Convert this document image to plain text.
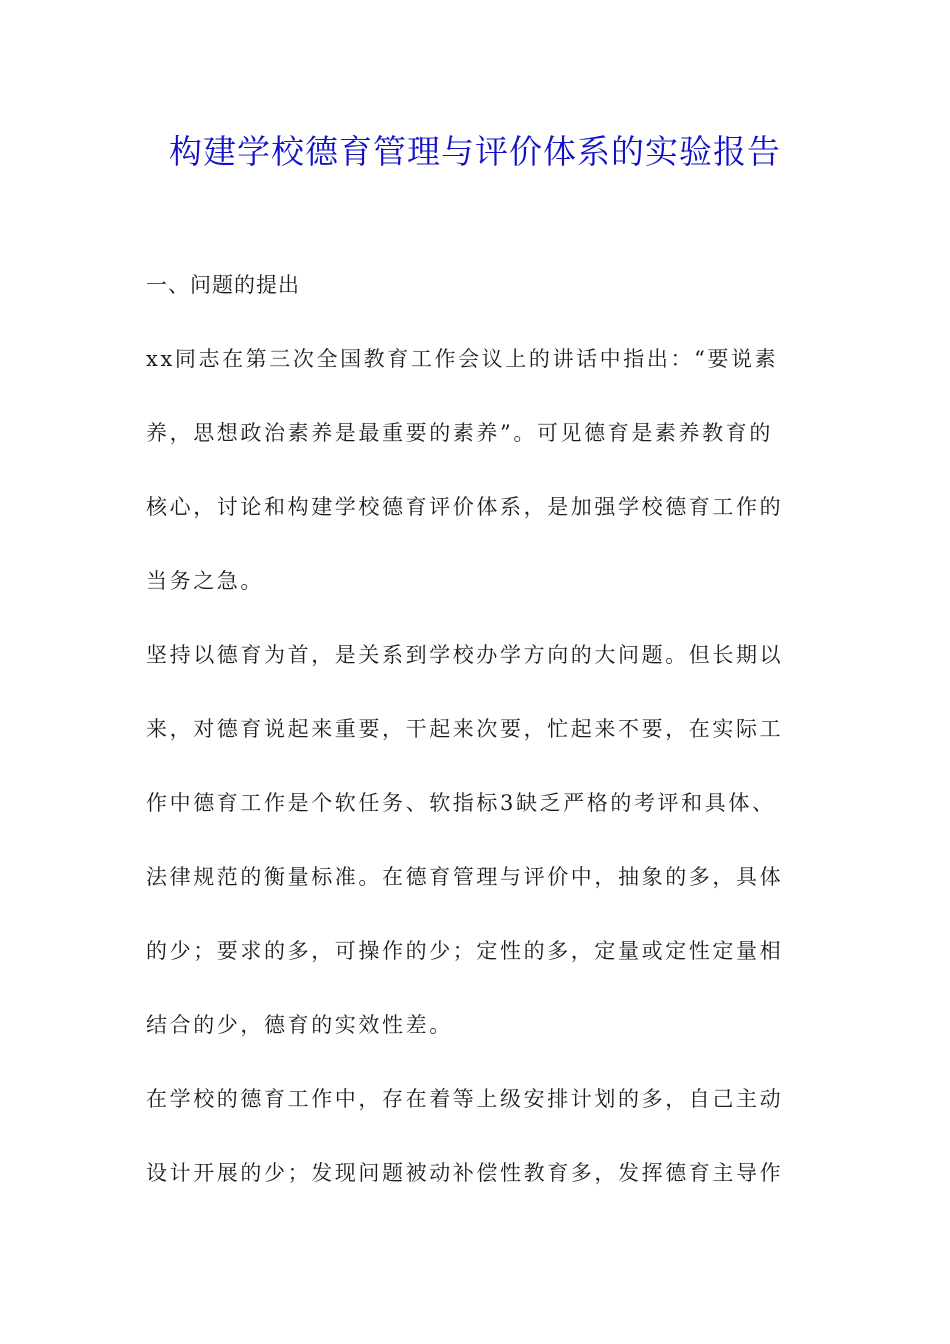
构建学校德育管理与评价体系的实验报告
一、问题的提出
xx同志在第三次全国教育工作会议上的讲话中指出：“要说素
养，思想政治素养是最重要的素养”。可见德育是素养教育的
核心，讨论和构建学校德育评价体系，是加强学校德育工作的
当务之急。
坚持以德育为首，是关系到学校办学方向的大问题。但长期以
来，对德育说起来重要，干起来次要，忙起来不要，在实际工
作中德育工作是个软任务、软指标3缺乏严格的考评和具体、
法律规范的衡量标准。在德育管理与评价中，抽象的多，具体
的少；要求的多，可操作的少；定性的多，定量或定性定量相
结合的少，德育的实效性差。
在学校的德育工作中，存在着等上级安排计划的多，自己主动
设计开展的少；发现问题被动补偿性教育多，发挥德育主导作
